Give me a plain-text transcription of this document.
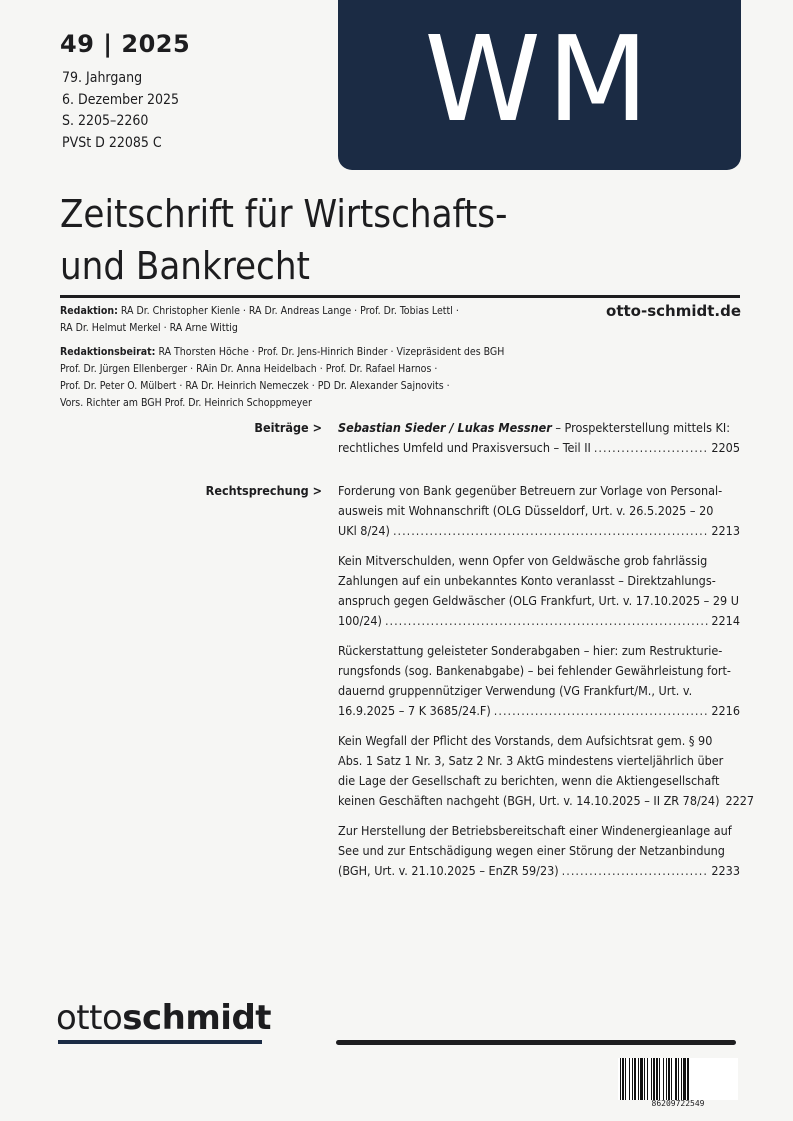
49 | 2025
79. Jahrgang
6. Dezember 2025
S. 2205–2260
PVSt D 22085 C	WM
Zeitschrift für Wirtschafts-
und Bankrecht
Redaktion: RA Dr. Christopher Kienle · RA Dr. Andreas Lange · Prof. Dr. Tobias Lettl ·
RA Dr. Helmut Merkel · RA Arne Wittig
otto-schmidt.de
Redaktionsbeirat: RA Thorsten Höche · Prof. Dr. Jens-Hinrich Binder · Vizepräsident des BGH
Prof. Dr. Jürgen Ellenberger · RAin Dr. Anna Heidelbach · Prof. Dr. Rafael Harnos ·
Prof. Dr. Peter O. Mülbert · RA Dr. Heinrich Nemeczek · PD Dr. Alexander Sajnovits ·
Vors. Richter am BGH Prof. Dr. Heinrich Schoppmeyer
Beiträge > Sebastian Sieder / Lukas Messner – Prospekterstellung mittels KI:
rechtliches Umfeld und Praxisversuch – Teil II .....	2205
Rechtsprechung > Forderung von Bank gegenüber Betreuern zur Vorlage von Personal-
ausweis mit Wohnanschrift (OLG Düsseldorf, Urt. v. 26.5.2025 – 20
UKl 8/24) .....	2213
Kein Mitverschulden, wenn Opfer von Geldwäsche grob fahrlässig
Zahlungen auf ein unbekanntes Konto veranlasst – Direktzahlungs-
anspruch gegen Geldwäscher (OLG Frankfurt, Urt. v. 17.10.2025 – 29 U
100/24) .....	2214
Rückerstattung geleisteter Sonderabgaben – hier: zum Restrukturie-
rungsfonds (sog. Bankenabgabe) – bei fehlender Gewährleistung fort-
dauernd gruppennütziger Verwendung (VG Frankfurt/M., Urt. v.
16.9.2025 – 7 K 3685/24.F) .....	2216
Kein Wegfall der Pflicht des Vorstands, dem Aufsichtsrat gem. § 90
Abs. 1 Satz 1 Nr. 3, Satz 2 Nr. 3 AktG mindestens vierteljährlich über
die Lage der Gesellschaft zu berichten, wenn die Aktiengesellschaft
keinen Geschäften nachgeht (BGH, Urt. v. 14.10.2025 – II ZR 78/24) 2227
Zur Herstellung der Betriebsbereitschaft einer Windenergieanlage auf
See und zur Entschädigung wegen einer Störung der Netzanbindung
(BGH, Urt. v. 21.10.2025 – EnZR 59/23) .....	2233
ottoschmidt
86209722549
